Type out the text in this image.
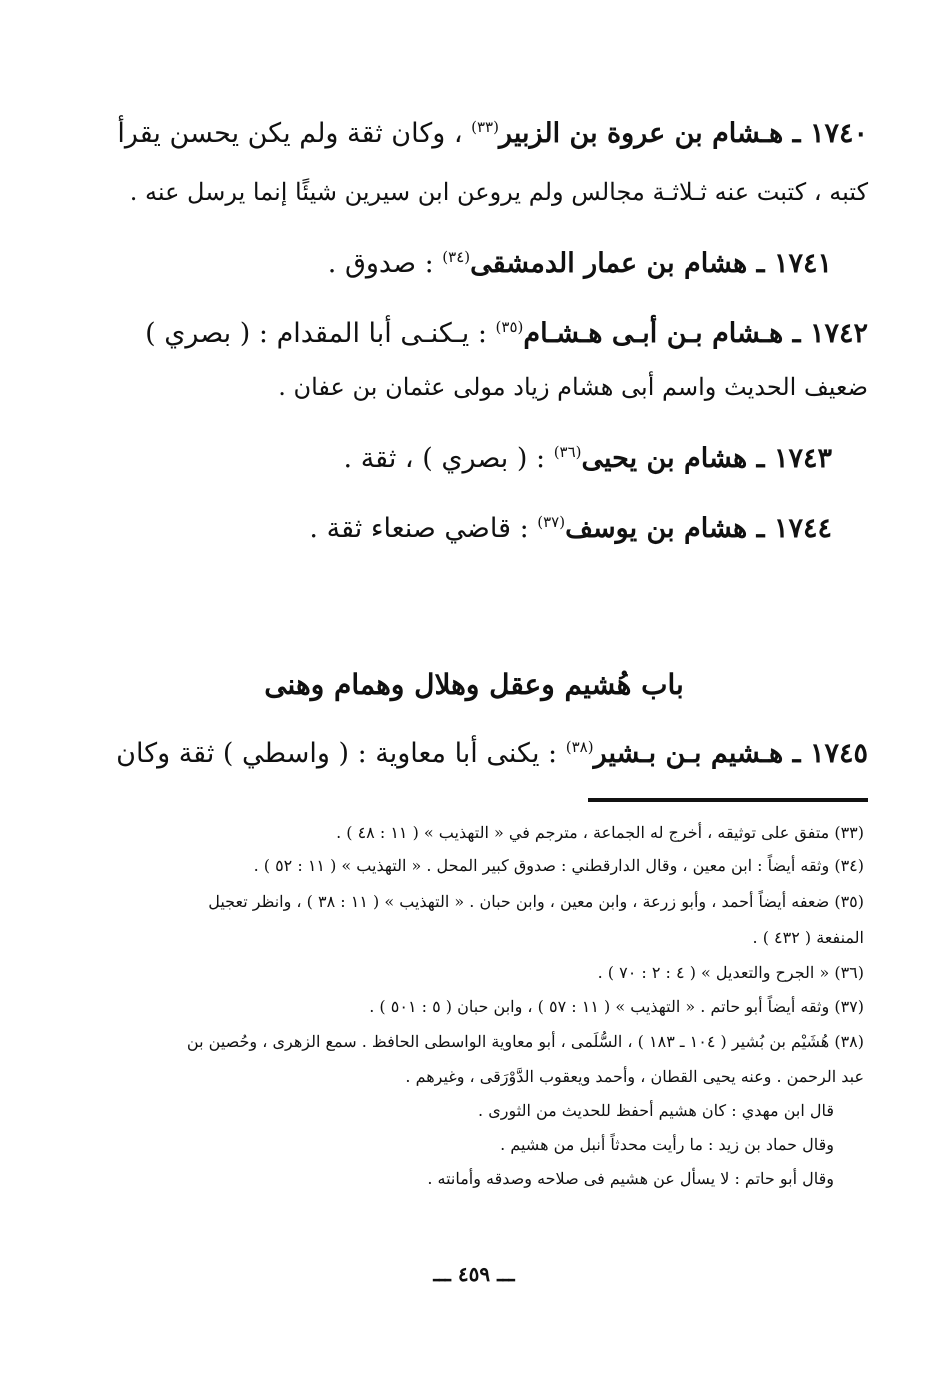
١٧٤٠ ـ هـشام بن عروة بن الزبير$^{(٣٣)}$ ، وكان ثقة ولم يكن يحسن يقرأ
كتبه ، كتبت عنه ثـلاثـة مجالس ولم يروعن ابن سيرين شيئًا إنما يرسل عنه .
١٧٤١ ـ هشام بن عمار الدمشقى$^{(٣٤)}$ : صدوق .
١٧٤٢ ـ هـشام بـن أبـى هـشـام$^{(٣٥)}$ : يـكنـى أبا المقدام : ( بصري )
ضعيف الحديث واسم أبى هشام زياد مولى عثمان بن عفان .
١٧٤٣ ـ هشام بن يحيى$^{(٣٦)}$ : ( بصري ) ، ثقة .
١٧٤٤ ـ هشام بن يوسف$^{(٣٧)}$ : قاضي صنعاء ثقة .
باب هُشيم وعقل وهلال وهمام وهنى
١٧٤٥ ـ هـشيم بـن بـشير$^{(٣٨)}$ : يكنى أبا معاوية : ( واسطي ) ثقة وكان
(٣٣) متفق على توثيقه ، أخرج له الجماعة ، مترجم في « التهذيب » ( ١١ : ٤٨ ) .
(٣٤) وثقه أيضاً : ابن معين ، وقال الدارقطني : صدوق كبير المحل . « التهذيب » ( ١١ : ٥٢ ) .
(٣٥) ضعفه أيضاً أحمد ، وأبو زرعة ، وابن معين ، وابن حبان . « التهذيب » ( ١١ : ٣٨ ) ، وانظر تعجيل
المنفعة ( ٤٣٢ ) .
(٣٦) « الجرح والتعديل » ( ٤ : ٢ : ٧٠ ) .
(٣٧) وثقه أيضاً أبو حاتم . « التهذيب » ( ١١ : ٥٧ ) ، وابن حبان ( ٥ : ٥٠١ ) .
(٣٨) هُشَيْم بن بُشير ( ١٠٤ ـ ١٨٣ ) ، السُّلَمى ، أبو معاوية الواسطى الحافظ . سمع الزهرى ، وحُصين بن
عبد الرحمن . وعنه يحيى القطان ، وأحمد ويعقوب الدَّوْرَقى ، وغيرهم .
قال ابن مهدي : كان هشيم أحفظ للحديث من الثورى .
وقال حماد بن زيد : ما رأيت محدثاً أنبل من هشيم .
وقال أبو حاتم : لا يسأل عن هشيم فى صلاحه وصدقه وأمانته .
ـــ ٤٥٩ ـــ
